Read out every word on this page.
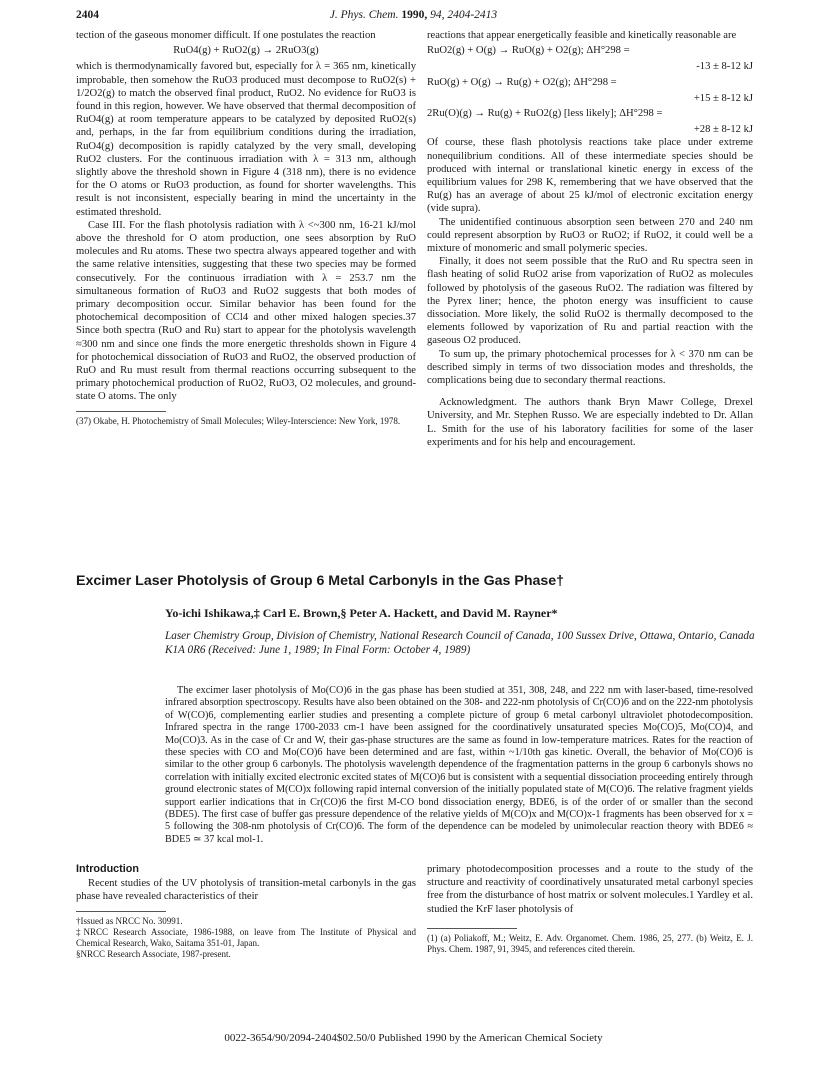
2404	J. Phys. Chem. 1990, 94, 2404-2413

tection of the gaseous monomer difficult. If one postulates the reaction

RuO4(g) + RuO2(g) → 2RuO3(g)

which is thermodynamically favored but, especially for λ = 365 nm, kinetically improbable, then somehow the RuO3 produced must decompose to RuO2(s) + 1/2O2(g) to match the observed final product, RuO2. No evidence for RuO3 is found in this region, however. We have observed that thermal decomposition of RuO4(g) at room temperature appears to be catalyzed by deposited RuO2(s) and, perhaps, in the far from equilibrium conditions during the irradiation, RuO4(g) decomposition is rapidly catalyzed by the very small, developing RuO2 clusters. For the continuous irradiation with λ = 313 nm, although slightly above the threshold shown in Figure 4 (318 nm), there is no evidence for the O atoms or RuO3 production, as found for shorter wavelengths. This result is not inconsistent, especially bearing in mind the uncertainty in the estimated threshold.

Case III. For the flash photolysis radiation with λ <~300 nm, 16-21 kJ/mol above the threshold for O atom production, one sees absorption by RuO molecules and Ru atoms. These two spectra always appeared together and with the same relative intensities, suggesting that these two species may be formed consecutively. For the continuous irradiation with λ = 253.7 nm the simultaneous formation of RuO3 and RuO2 suggests that both modes of primary decomposition occur. Similar behavior has been found for the photochemical decomposition of CCl4 and other mixed halogen species.37 Since both spectra (RuO and Ru) start to appear for the photolysis wavelength ≈300 nm and since one finds the more energetic thresholds shown in Figure 4 for photochemical dissociation of RuO3 and RuO2, the observed production of RuO and Ru must result from thermal reactions occurring subsequent to the primary photochemical production of RuO2, RuO3, O2 molecules, and ground-state O atoms. The only

(37) Okabe, H. Photochemistry of Small Molecules; Wiley-Interscience: New York, 1978.

reactions that appear energetically feasible and kinetically reasonable are

RuO2(g) + O(g) → RuO(g) + O2(g); ΔH°298 =

-13 ± 8-12 kJ

RuO(g) + O(g) → Ru(g) + O2(g); ΔH°298 =

+15 ± 8-12 kJ

2Ru(O)(g) → Ru(g) + RuO2(g) [less likely]; ΔH°298 =

+28 ± 8-12 kJ

Of course, these flash photolysis reactions take place under extreme nonequilibrium conditions. All of these intermediate species should be produced with internal or translational kinetic energy in excess of the equilibrium values for 298 K, remembering that we have observed that the Ru(g) has an average of about 25 kJ/mol of electronic excitation energy (vide supra).

The unidentified continuous absorption seen between 270 and 240 nm could represent absorption by RuO3 or RuO2; if RuO2, it could well be a mixture of monomeric and small polymeric species.

Finally, it does not seem possible that the RuO and Ru spectra seen in flash heating of solid RuO2 arise from vaporization of RuO2 as molecules followed by photolysis of the gaseous RuO2. The radiation was filtered by the Pyrex liner; hence, the photon energy was insufficient to cause dissociation. More likely, the solid RuO2 is thermally decomposed to the elements followed by vaporization of Ru and partial reaction with the gaseous O2 produced.

To sum up, the primary photochemical processes for λ < 370 nm can be described simply in terms of two dissociation modes and thresholds, the complications being due to secondary thermal reactions.

Acknowledgment. The authors thank Bryn Mawr College, Drexel University, and Mr. Stephen Russo. We are especially indebted to Dr. Allan L. Smith for the use of his laboratory facilities for some of the laser experiments and for his help and encouragement.

Excimer Laser Photolysis of Group 6 Metal Carbonyls in the Gas Phase†
Yo-ichi Ishikawa,‡ Carl E. Brown,§ Peter A. Hackett, and David M. Rayner*
Laser Chemistry Group, Division of Chemistry, National Research Council of Canada, 100 Sussex Drive, Ottawa, Ontario, Canada K1A 0R6 (Received: June 1, 1989; In Final Form: October 4, 1989)
The excimer laser photolysis of Mo(CO)6 in the gas phase has been studied at 351, 308, 248, and 222 nm with laser-based, time-resolved infrared absorption spectroscopy. Results have also been obtained on the 308- and 222-nm photolysis of Cr(CO)6 and on the 222-nm photolysis of W(CO)6, complementing earlier studies and presenting a complete picture of group 6 metal carbonyl ultraviolet photodecomposition. Infrared spectra in the range 1700-2033 cm-1 have been assigned for the coordinatively unsaturated species Mo(CO)5, Mo(CO)4, and Mo(CO)3. As in the case of Cr and W, their gas-phase structures are the same as found in low-temperature matrices. Rates for the reaction of these species with CO and Mo(CO)6 have been determined and are fast, within ~1/10th gas kinetic. Overall, the behavior of Mo(CO)6 is similar to the other group 6 carbonyls. The photolysis wavelength dependence of the fragmentation patterns in the group 6 carbonyls shows no correlation with initially excited electronic excited states of M(CO)6 but is consistent with a sequential dissociation proceeding entirely through ground electronic states of M(CO)x following rapid internal conversion of the initially populated state of M(CO)6. The relative fragment yields support earlier indications that in Cr(CO)6 the first M-CO bond dissociation energy, BDE6, is of the order of or smaller than the second (BDE5). The first case of buffer gas pressure dependence of the relative yields of M(CO)x and M(CO)x-1 fragments has been observed for x = 5 following the 308-nm photolysis of Cr(CO)6. The form of the dependence can be modeled by unimolecular reaction theory with BDE6 ≈ BDE5 ≃ 37 kcal mol-1.
Introduction

Recent studies of the UV photolysis of transition-metal carbonyls in the gas phase have revealed characteristics of their

†Issued as NRCC No. 30991.

‡NRCC Research Associate, 1986-1988, on leave from The Institute of Physical and Chemical Research, Wako, Saitama 351-01, Japan.

§NRCC Research Associate, 1987-present.

primary photodecomposition processes and a route to the study of the structure and reactivity of coordinatively unsaturated metal carbonyl species free from the disturbance of host matrix or solvent molecules.1 Yardley et al. studied the KrF laser photolysis of

(1) (a) Poliakoff, M.; Weitz, E. Adv. Organomet. Chem. 1986, 25, 277. (b) Weitz, E. J. Phys. Chem. 1987, 91, 3945, and references cited therein.

0022-3654/90/2094-2404$02.50/0 Published 1990 by the American Chemical Society
